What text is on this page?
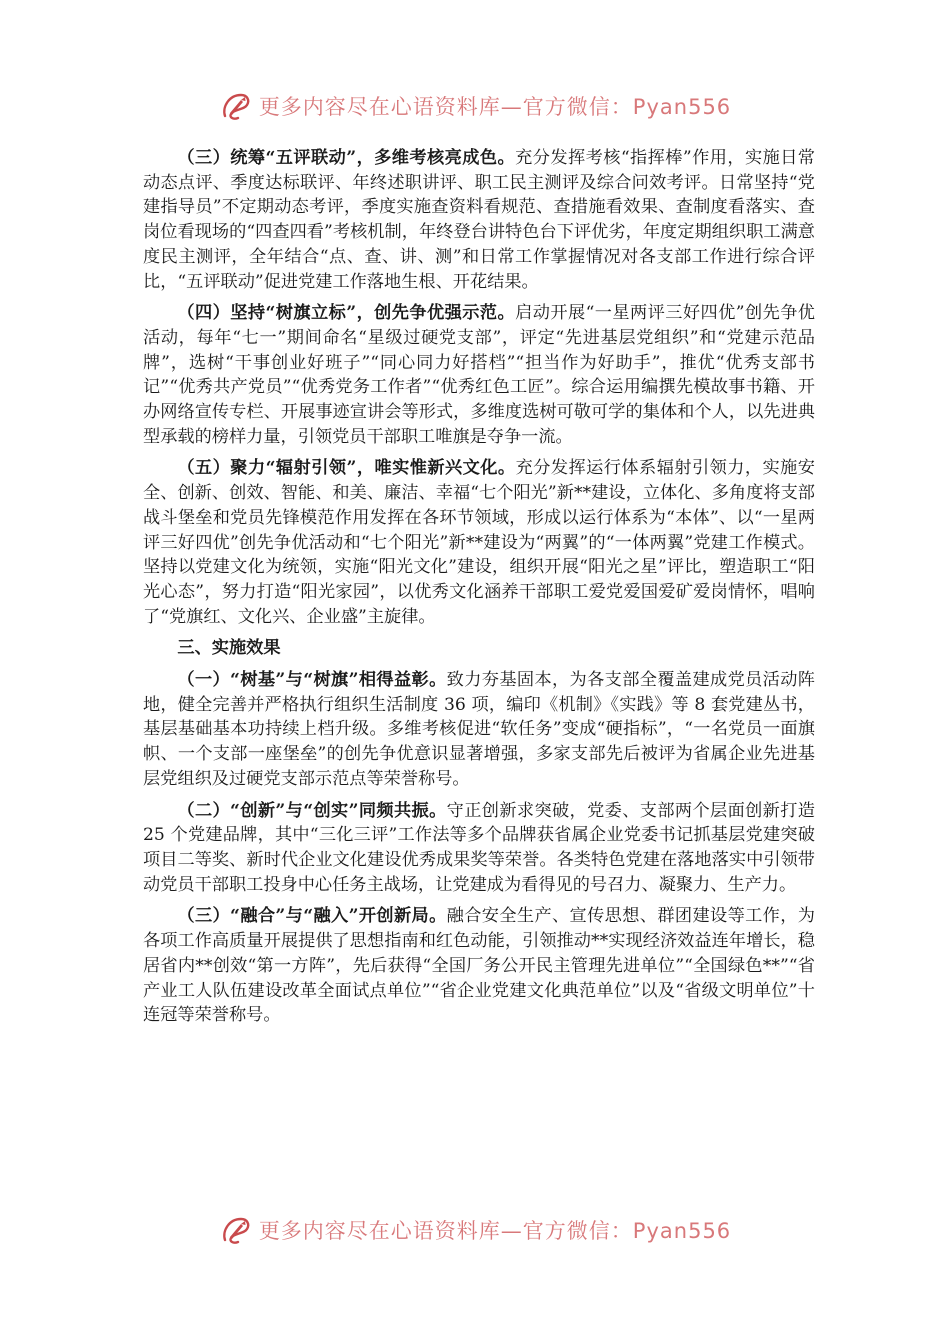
更多内容尽在心语资料库—官方微信：Pyan556

（三）统筹“五评联动”，多维考核亮成色。充分发挥考核“指挥棒”作用，实施日常动态点评、季度达标联评、年终述职讲评、职工民主测评及综合问效考评。日常坚持“党建指导员”不定期动态考评，季度实施查资料看规范、查措施看效果、查制度看落实、查岗位看现场的“四查四看”考核机制，年终登台讲特色台下评优劣，年度定期组织职工满意度民主测评，全年结合“点、查、讲、测”和日常工作掌握情况对各支部工作进行综合评比，“五评联动”促进党建工作落地生根、开花结果。

（四）坚持“树旗立标”，创先争优强示范。启动开展“一星两评三好四优”创先争优活动，每年“七一”期间命名“星级过硬党支部”，评定“先进基层党组织”和“党建示范品牌”，选树“干事创业好班子”“同心同力好搭档”“担当作为好助手”，推优“优秀支部书记”“优秀共产党员”“优秀党务工作者”“优秀红色工匠”。综合运用编撰先模故事书籍、开办网络宣传专栏、开展事迹宣讲会等形式，多维度选树可敬可学的集体和个人，以先进典型承载的榜样力量，引领党员干部职工唯旗是夺争一流。

（五）聚力“辐射引领”，唯实惟新兴文化。充分发挥运行体系辐射引领力，实施安全、创新、创效、智能、和美、廉洁、幸福“七个阳光”新**建设，立体化、多角度将支部战斗堡垒和党员先锋模范作用发挥在各环节领域，形成以运行体系为“本体”、以“一星两评三好四优”创先争优活动和“七个阳光”新**建设为“两翼”的“一体两翼”党建工作模式。坚持以党建文化为统领，实施“阳光文化”建设，组织开展“阳光之星”评比，塑造职工“阳光心态”，努力打造“阳光家园”，以优秀文化涵养干部职工爱党爱国爱矿爱岗情怀，唱响了“党旗红、文化兴、企业盛”主旋律。

三、实施效果

（一）“树基”与“树旗”相得益彰。致力夯基固本，为各支部全覆盖建成党员活动阵地，健全完善并严格执行组织生活制度 36 项，编印《机制》《实践》等 8 套党建丛书，基层基础基本功持续上档升级。多维考核促进“软任务”变成“硬指标”，“一名党员一面旗帜、一个支部一座堡垒”的创先争优意识显著增强，多家支部先后被评为省属企业先进基层党组织及过硬党支部示范点等荣誉称号。

（二）“创新”与“创实”同频共振。守正创新求突破，党委、支部两个层面创新打造 25 个党建品牌，其中“三化三评”工作法等多个品牌获省属企业党委书记抓基层党建突破项目二等奖、新时代企业文化建设优秀成果奖等荣誉。各类特色党建在落地落实中引领带动党员干部职工投身中心任务主战场，让党建成为看得见的号召力、凝聚力、生产力。

（三）“融合”与“融入”开创新局。融合安全生产、宣传思想、群团建设等工作，为各项工作高质量开展提供了思想指南和红色动能，引领推动**实现经济效益连年增长，稳居省内**创效“第一方阵”，先后获得“全国厂务公开民主管理先进单位”“全国绿色**”“省产业工人队伍建设改革全面试点单位”“省企业党建文化典范单位”以及“省级文明单位”十连冠等荣誉称号。

更多内容尽在心语资料库—官方微信：Pyan556
